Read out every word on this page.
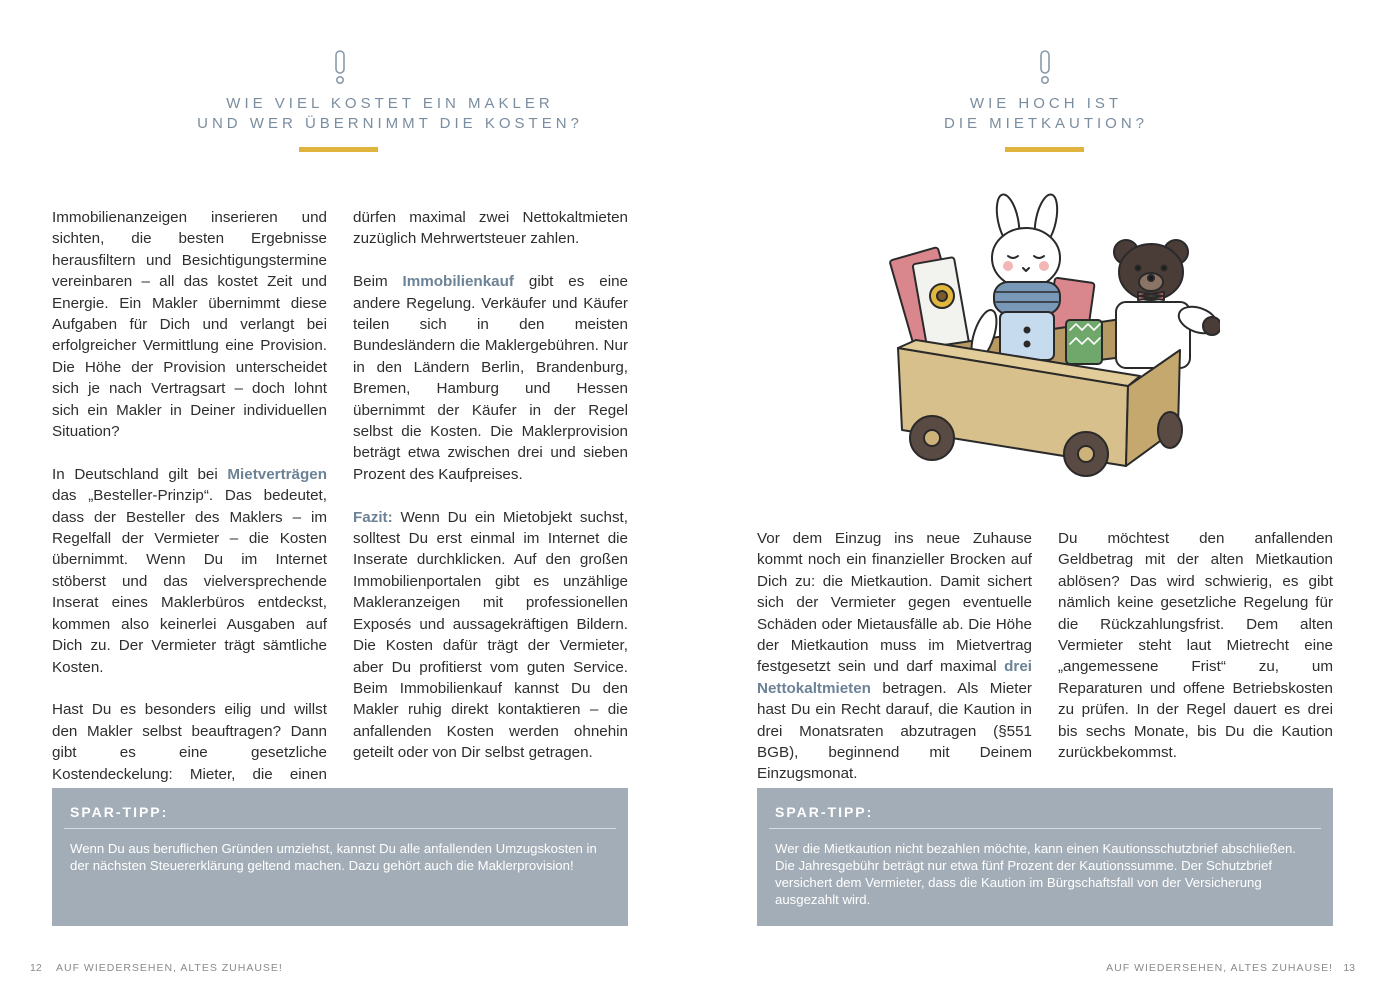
WIE VIEL KOSTET EIN MAKLER
UND WER ÜBERNIMMT DIE KOSTEN?

Immobilienanzeigen inserieren und sichten, die besten Ergebnisse herausfiltern und Besichtigungstermine vereinbaren – all das kostet Zeit und Energie. Ein Makler übernimmt diese Aufgaben für Dich und verlangt bei erfolgreicher Vermittlung eine Provision. Die Höhe der Provision unterscheidet sich je nach Vertragsart – doch lohnt sich ein Makler in Deiner individuellen Situation?

In Deutschland gilt bei Mietverträgen das „Besteller-Prinzip“. Das bedeutet, dass der Besteller des Maklers – im Regelfall der Vermieter – die Kosten übernimmt. Wenn Du im Internet stöberst und das vielversprechende Inserat eines Maklerbüros entdeckst, kommen also keinerlei Ausgaben auf Dich zu. Der Vermieter trägt sämtliche Kosten.

Hast Du es besonders eilig und willst den Makler selbst beauftragen? Dann gibt es eine gesetzliche Kostendeckelung: Mieter, die einen

dürfen maximal zwei Nettokaltmieten zuzüglich Mehrwertsteuer zahlen.

Beim Immobilienkauf gibt es eine andere Regelung. Verkäufer und Käufer teilen sich in den meisten Bundesländern die Maklergebühren. Nur in den Ländern Berlin, Brandenburg, Bremen, Hamburg und Hessen übernimmt der Käufer in der Regel selbst die Kosten. Die Maklerprovision beträgt etwa zwischen drei und sieben Prozent des Kaufpreises.

Fazit: Wenn Du ein Mietobjekt suchst, solltest Du erst einmal im Internet die Inserate durchklicken. Auf den großen Immobilienportalen gibt es unzählige Makleranzeigen mit professionellen Exposés und aussagekräftigen Bildern. Die Kosten dafür trägt der Vermieter, aber Du profitierst vom guten Service. Beim Immobilienkauf kannst Du den Makler ruhig direkt kontaktieren – die anfallenden Kosten werden ohnehin geteilt oder von Dir selbst getragen.

SPAR-TIPP:
Wenn Du aus beruflichen Gründen umziehst, kannst Du alle anfallenden Umzugskosten in der nächsten Steuererklärung geltend machen. Dazu gehört auch die Maklerprovision!
12 AUF WIEDERSEHEN, ALTES ZUHAUSE!
WIE HOCH IST
DIE MIETKAUTION?

Vor dem Einzug ins neue Zuhause kommt noch ein finanzieller Brocken auf Dich zu: die Mietkaution. Damit sichert sich der Vermieter gegen eventuelle Schäden oder Mietausfälle ab. Die Höhe der Mietkaution muss im Mietvertrag festgesetzt sein und darf maximal drei Nettokaltmieten betragen. Als Mieter hast Du ein Recht darauf, die Kaution in drei Monatsraten abzutragen (§551 BGB), beginnend mit Deinem Einzugsmonat.

Du möchtest den anfallenden Geldbetrag mit der alten Mietkaution ablösen? Das wird schwierig, es gibt nämlich keine gesetzliche Regelung für die Rückzahlungsfrist. Dem alten Vermieter steht laut Mietrecht eine „angemessene Frist“ zu, um Reparaturen und offene Betriebskosten zu prüfen. In der Regel dauert es drei bis sechs Monate, bis Du die Kaution zurückbekommst.

SPAR-TIPP:
Wer die Mietkaution nicht bezahlen möchte, kann einen Kautionsschutzbrief abschließen. Die Jahresgebühr beträgt nur etwa fünf Prozent der Kautionssumme. Der Schutzbrief versichert dem Vermieter, dass die Kaution im Bürgschaftsfall von der Versicherung ausgezahlt wird.
AUF WIEDERSEHEN, ALTES ZUHAUSE! 13
